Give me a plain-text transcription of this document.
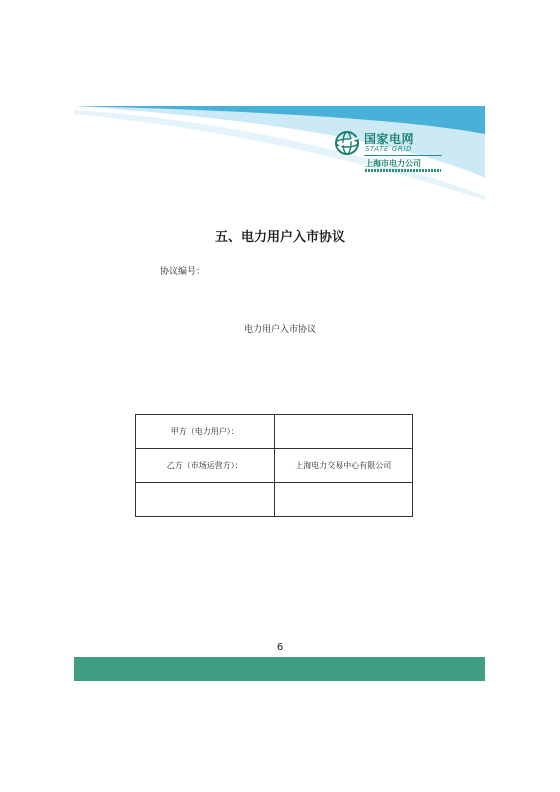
国家电网
STATE GRID
上海市电力公司
五、电力用户入市协议
协议编号：
电力用户入市协议
甲方（电力用户）：	
乙方（市场运营方）：	上海电力交易中心有限公司

6
